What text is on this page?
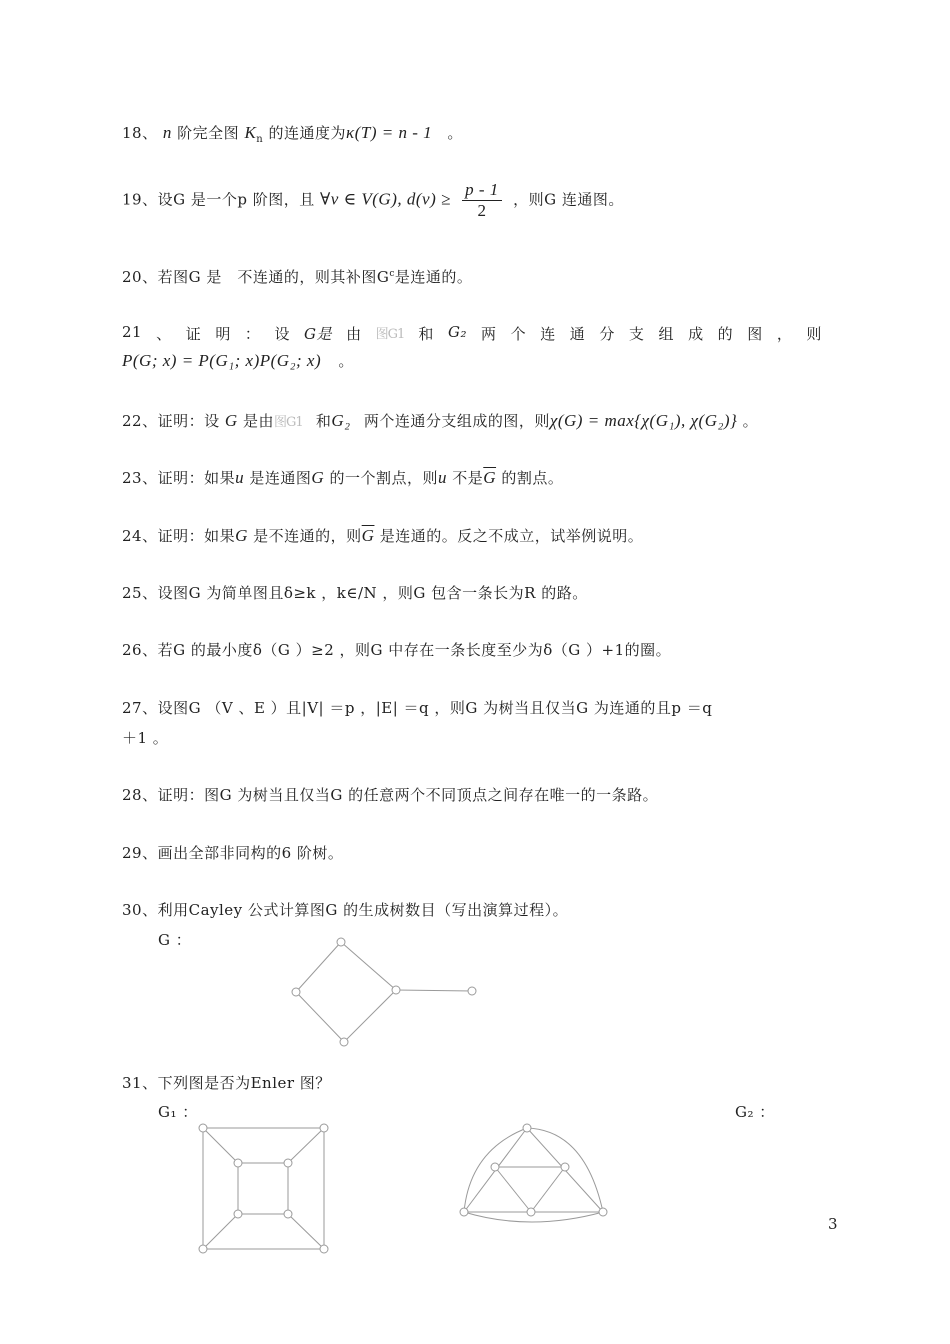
18、 n 阶完全图 $K_n$ 的连通度为κ(T) = n - 1 。
19、设G 是一个p 阶图，且 ∀v ∈ V(G), $d(v) \ge \frac{p - 1}{2}$ ，则G 连通图。
20、若图G 是　不连通的，则其补图$G^c$是连通的。
21 、 证 明 ： 设 G是 由 图G1 和 G₂ 两 个 连 通 分 支 组 成 的 图 ， 则
P(G; x) = P(G₁; x)P(G₂; x) 。
22、证明：设 G 是由图G1 和G₂ 两个连通分支组成的图，则χ(G) = max{χ(G₁), χ(G₂)} 。
23、证明：如果u 是连通图G 的一个割点，则u 不是$\overline{G}$ 的割点。
24、证明：如果G 是不连通的，则$\overline{G}$ 是连通的。反之不成立，试举例说明。
25、设图G 为简单图且δ≥k ，k∈/N ，则G 包含一条长为R 的路。
26、若G 的最小度δ（G ）≥2 ，则G 中存在一条长度至少为δ（G ）+1的圈。
27、设图G （V 、E ）且|V| ＝p ，|E| ＝q ，则G 为树当且仅当G 为连通的且p ＝q
＋1 。
28、证明：图G 为树当且仅当G 的任意两个不同顶点之间存在唯一的一条路。
29、画出全部非同构的6 阶树。
30、利用Cayley 公式计算图G 的生成树数目（写出演算过程）。
G ：
31、下列图是否为Enler 图？
G₁ ：	G₂ ：
3
